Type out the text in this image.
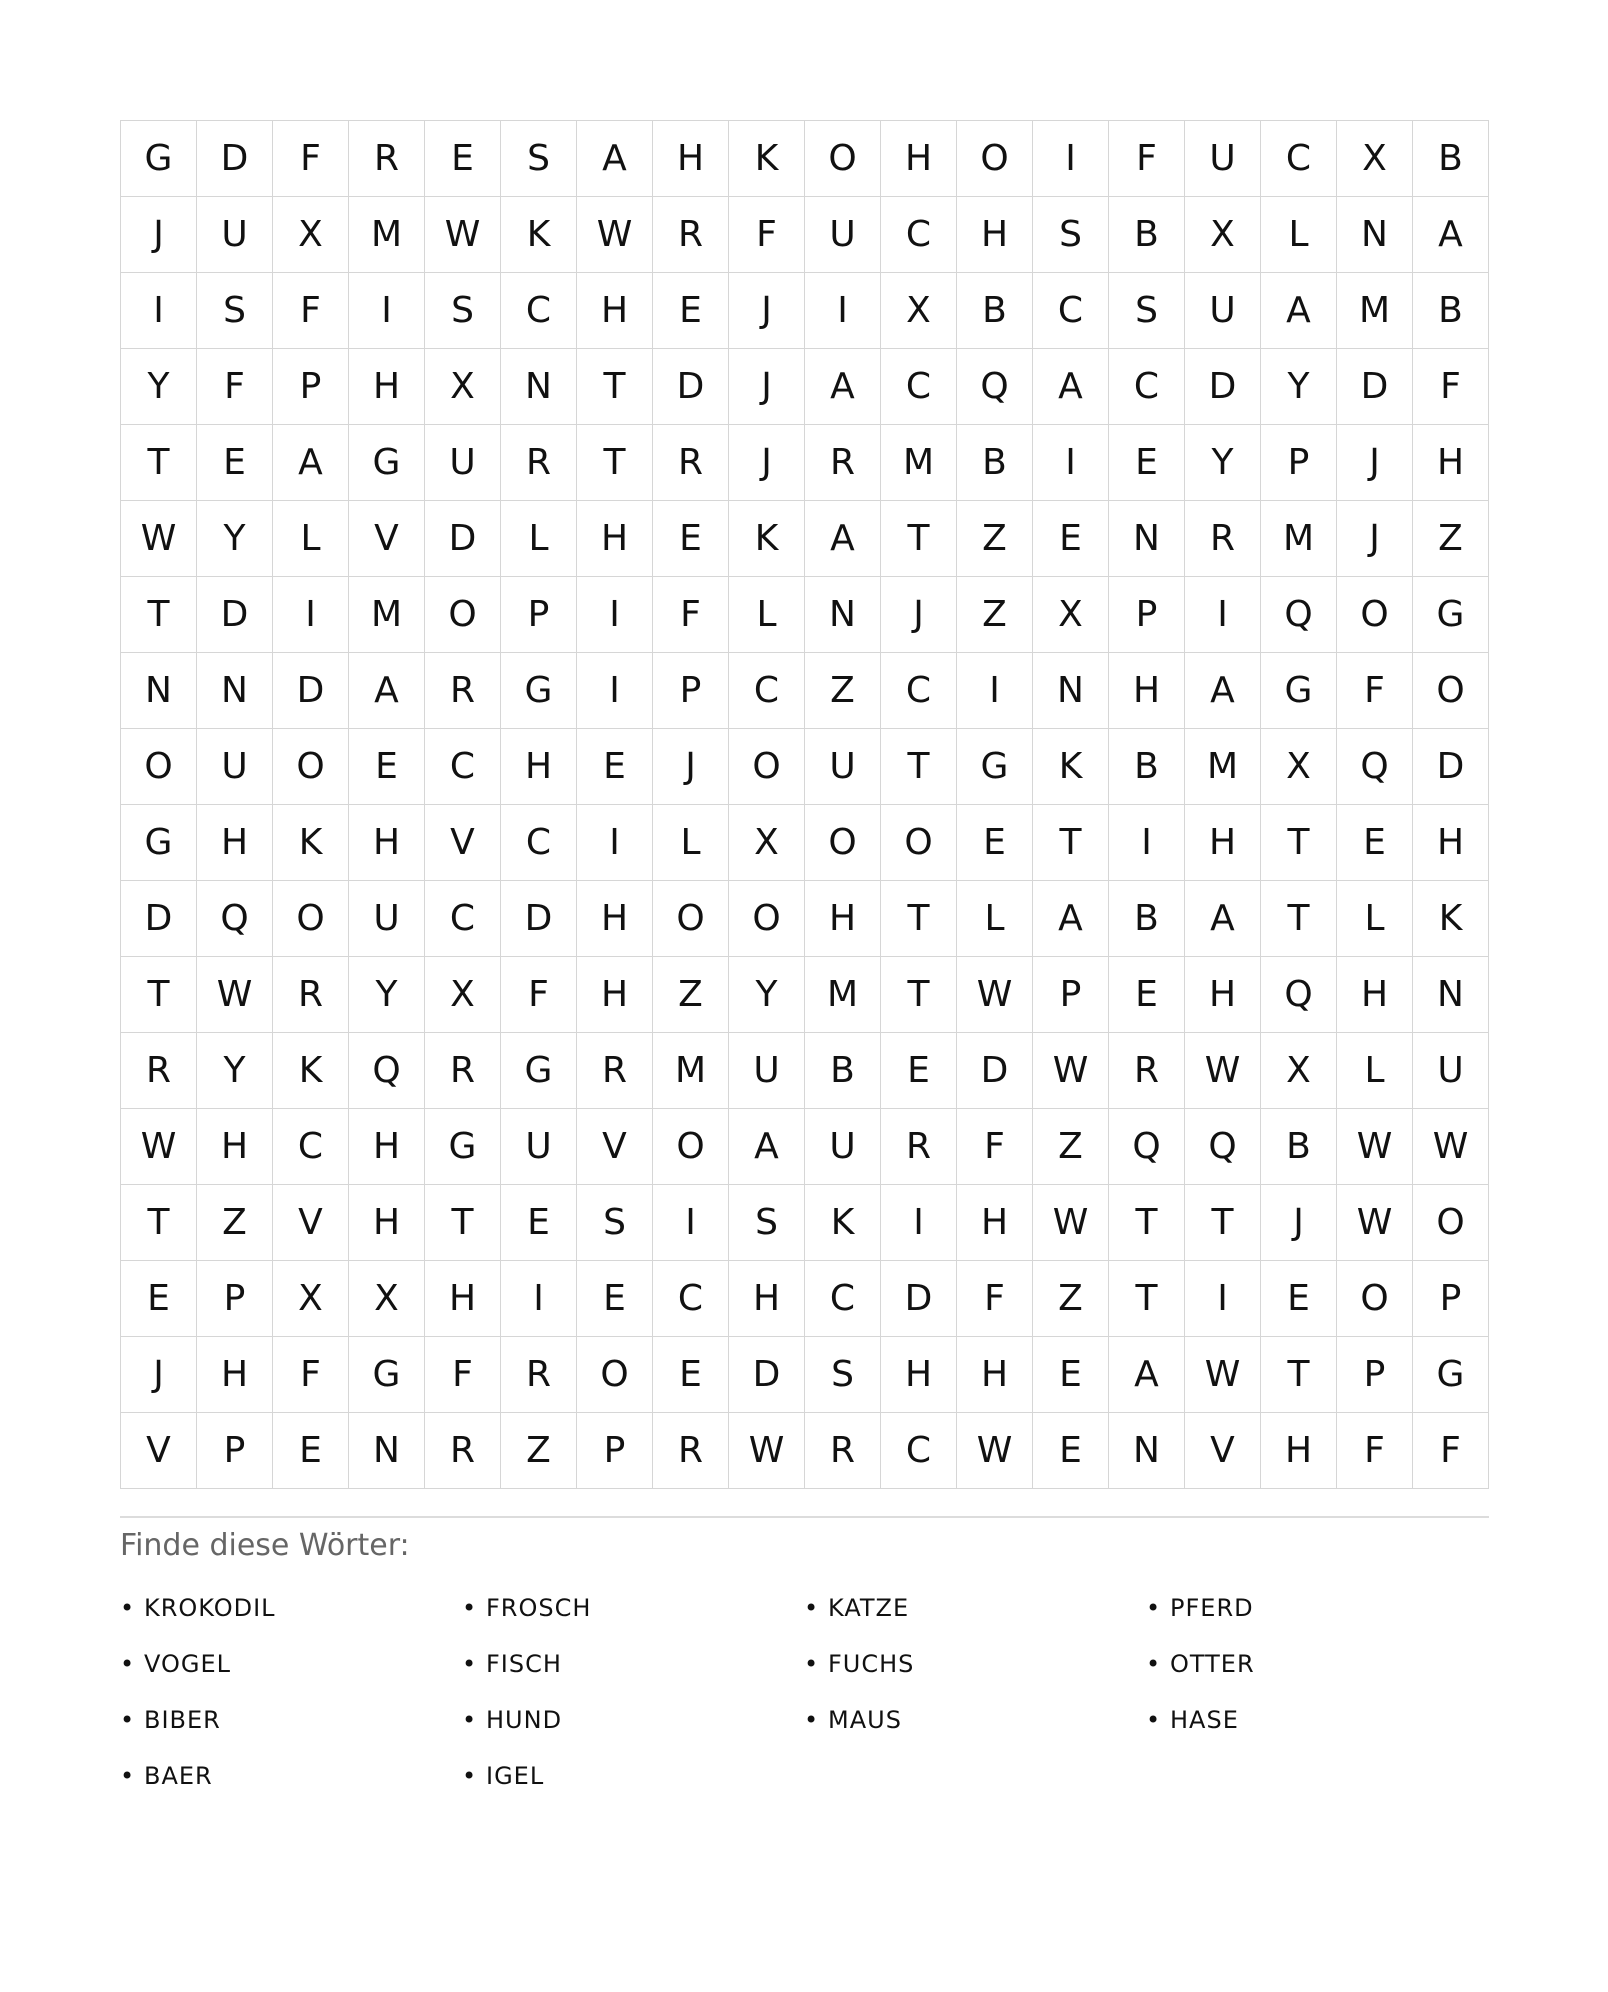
G	D	F	R	E	S	A	H	K	O	H	O	I	F	U	C	X	B
J	U	X	M	W	K	W	R	F	U	C	H	S	B	X	L	N	A
I	S	F	I	S	C	H	E	J	I	X	B	C	S	U	A	M	B
Y	F	P	H	X	N	T	D	J	A	C	Q	A	C	D	Y	D	F
T	E	A	G	U	R	T	R	J	R	M	B	I	E	Y	P	J	H
W	Y	L	V	D	L	H	E	K	A	T	Z	E	N	R	M	J	Z
T	D	I	M	O	P	I	F	L	N	J	Z	X	P	I	Q	O	G
N	N	D	A	R	G	I	P	C	Z	C	I	N	H	A	G	F	O
O	U	O	E	C	H	E	J	O	U	T	G	K	B	M	X	Q	D
G	H	K	H	V	C	I	L	X	O	O	E	T	I	H	T	E	H
D	Q	O	U	C	D	H	O	O	H	T	L	A	B	A	T	L	K
T	W	R	Y	X	F	H	Z	Y	M	T	W	P	E	H	Q	H	N
R	Y	K	Q	R	G	R	M	U	B	E	D	W	R	W	X	L	U
W	H	C	H	G	U	V	O	A	U	R	F	Z	Q	Q	B	W	W
T	Z	V	H	T	E	S	I	S	K	I	H	W	T	T	J	W	O
E	P	X	X	H	I	E	C	H	C	D	F	Z	T	I	E	O	P
J	H	F	G	F	R	O	E	D	S	H	H	E	A	W	T	P	G
V	P	E	N	R	Z	P	R	W	R	C	W	E	N	V	H	F	F
Finde diese Wörter:
• KROKODIL	• FROSCH	• KATZE	• PFERD
• VOGEL	• FISCH	• FUCHS	• OTTER
• BIBER	• HUND	• MAUS	• HASE
• BAER	• IGEL
